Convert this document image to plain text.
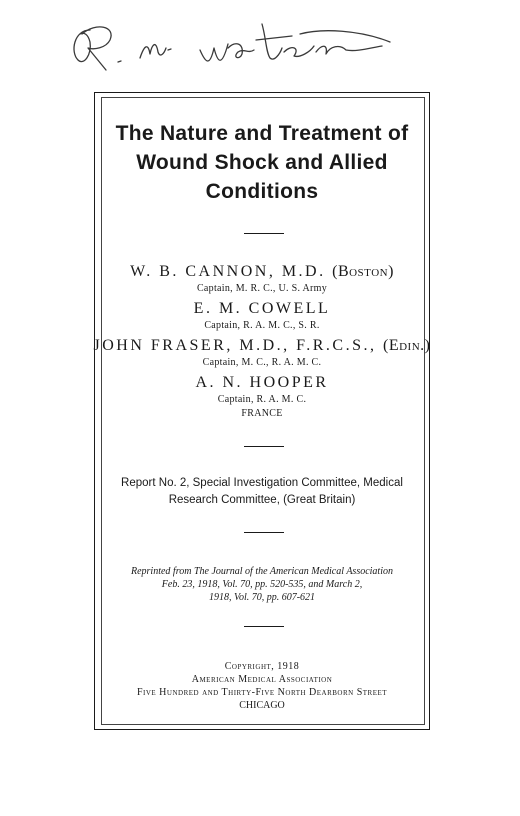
The Nature and Treatment of
Wound Shock and Allied
Conditions
W. B. CANNON, M.D. (Boston)
Captain, M. R. C., U. S. Army
E. M. COWELL
Captain, R. A. M. C., S. R.
JOHN FRASER, M.D., F.R.C.S., (Edin.)
Captain, M. C., R. A. M. C.
A. N. HOOPER
Captain, R. A. M. C.
FRANCE
Report No. 2, Special Investigation Committee, Medical
Research Committee, (Great Britain)
Reprinted from The Journal of the American Medical Association
Feb. 23, 1918, Vol. 70, pp. 520-535, and March 2,
1918, Vol. 70, pp. 607-621
Copyright, 1918
American Medical Association
Five Hundred and Thirty-Five North Dearborn Street
CHICAGO
